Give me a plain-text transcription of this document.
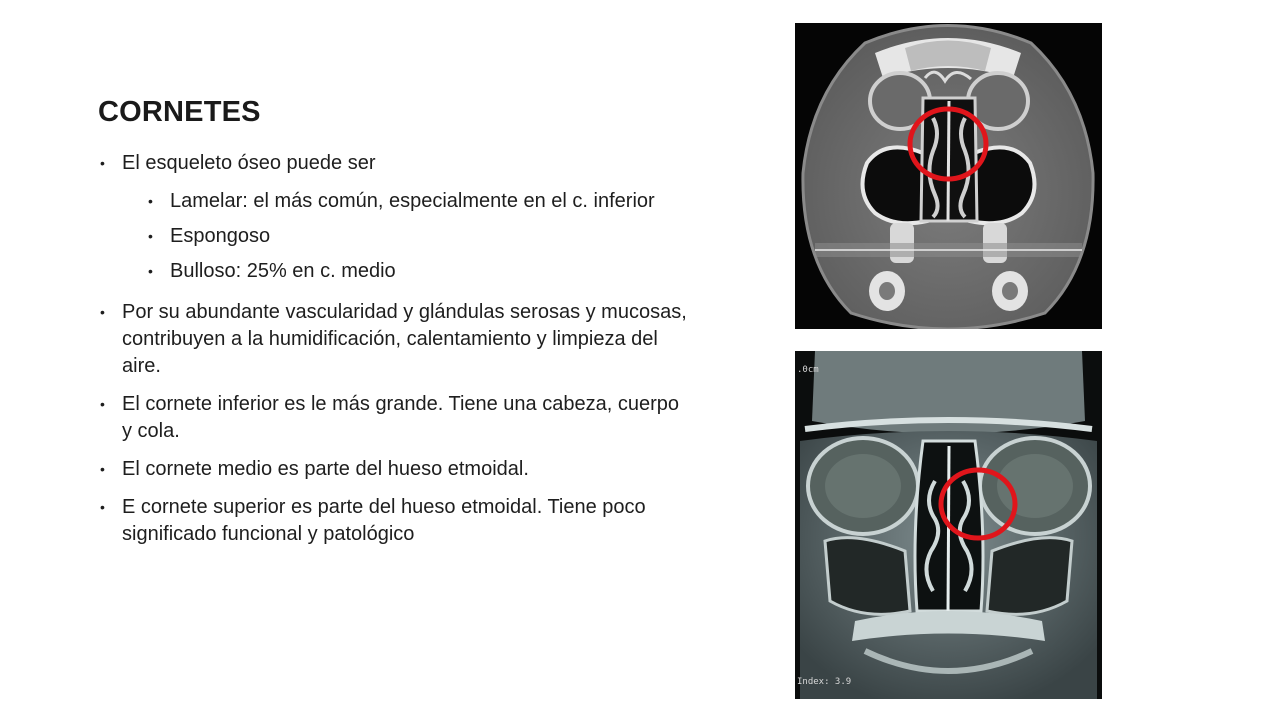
CORNETES
• El esqueleto óseo puede ser
• Lamelar: el más común, especialmente en el c. inferior
• Espongoso
• Bulloso: 25% en c. medio
• Por su abundante vascularidad y glándulas serosas y mucosas, contribuyen a la humidificación, calentamiento y limpieza del aire.
• El cornete inferior es le más grande. Tiene una cabeza, cuerpo y cola.
• El cornete medio es parte del hueso etmoidal.
• E cornete superior es parte del hueso etmoidal. Tiene poco significado funcional y patológico
.0cm
Index: 3.9
